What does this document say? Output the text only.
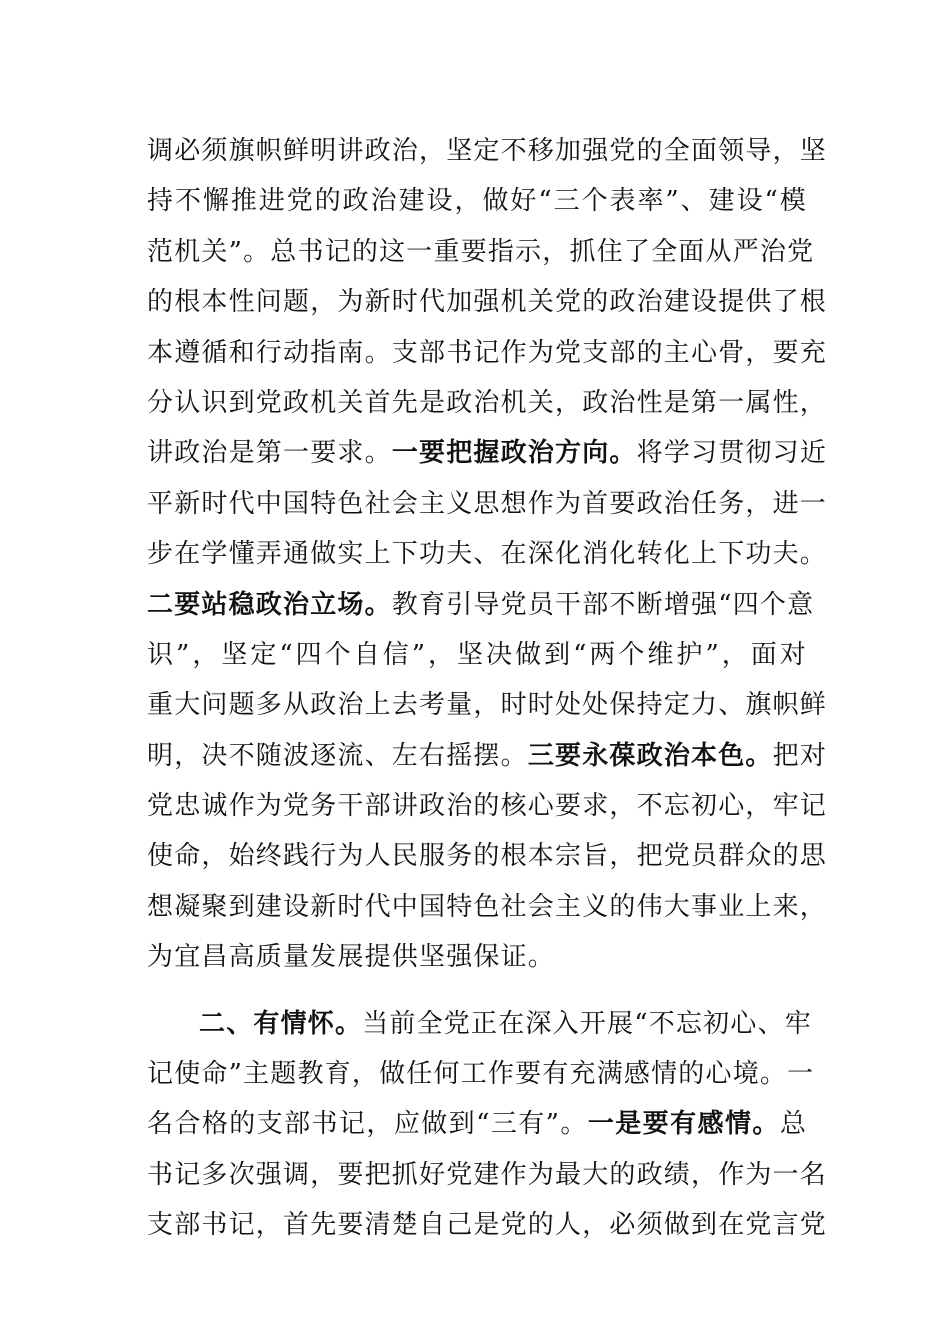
调必须旗帜鲜明讲政治，坚定不移加强党的全面领导，坚
持不懈推进党的政治建设，做好“三个表率”、建设“模
范机关”。总书记的这一重要指示，抓住了全面从严治党
的根本性问题，为新时代加强机关党的政治建设提供了根
本遵循和行动指南。支部书记作为党支部的主心骨，要充
分认识到党政机关首先是政治机关，政治性是第一属性，
讲政治是第一要求。一要把握政治方向。将学习贯彻习近
平新时代中国特色社会主义思想作为首要政治任务，进一
步在学懂弄通做实上下功夫、在深化消化转化上下功夫。
二要站稳政治立场。教育引导党员干部不断增强“四个意
识”，坚定“四个自信”，坚决做到“两个维护”，面对
重大问题多从政治上去考量，时时处处保持定力、旗帜鲜
明，决不随波逐流、左右摇摆。三要永葆政治本色。把对
党忠诚作为党务干部讲政治的核心要求，不忘初心，牢记
使命，始终践行为人民服务的根本宗旨，把党员群众的思
想凝聚到建设新时代中国特色社会主义的伟大事业上来，
为宜昌高质量发展提供坚强保证。
二、有情怀。当前全党正在深入开展“不忘初心、牢
记使命”主题教育，做任何工作要有充满感情的心境。一
名合格的支部书记，应做到“三有”。一是要有感情。总
书记多次强调，要把抓好党建作为最大的政绩，作为一名
支部书记，首先要清楚自己是党的人，必须做到在党言党
